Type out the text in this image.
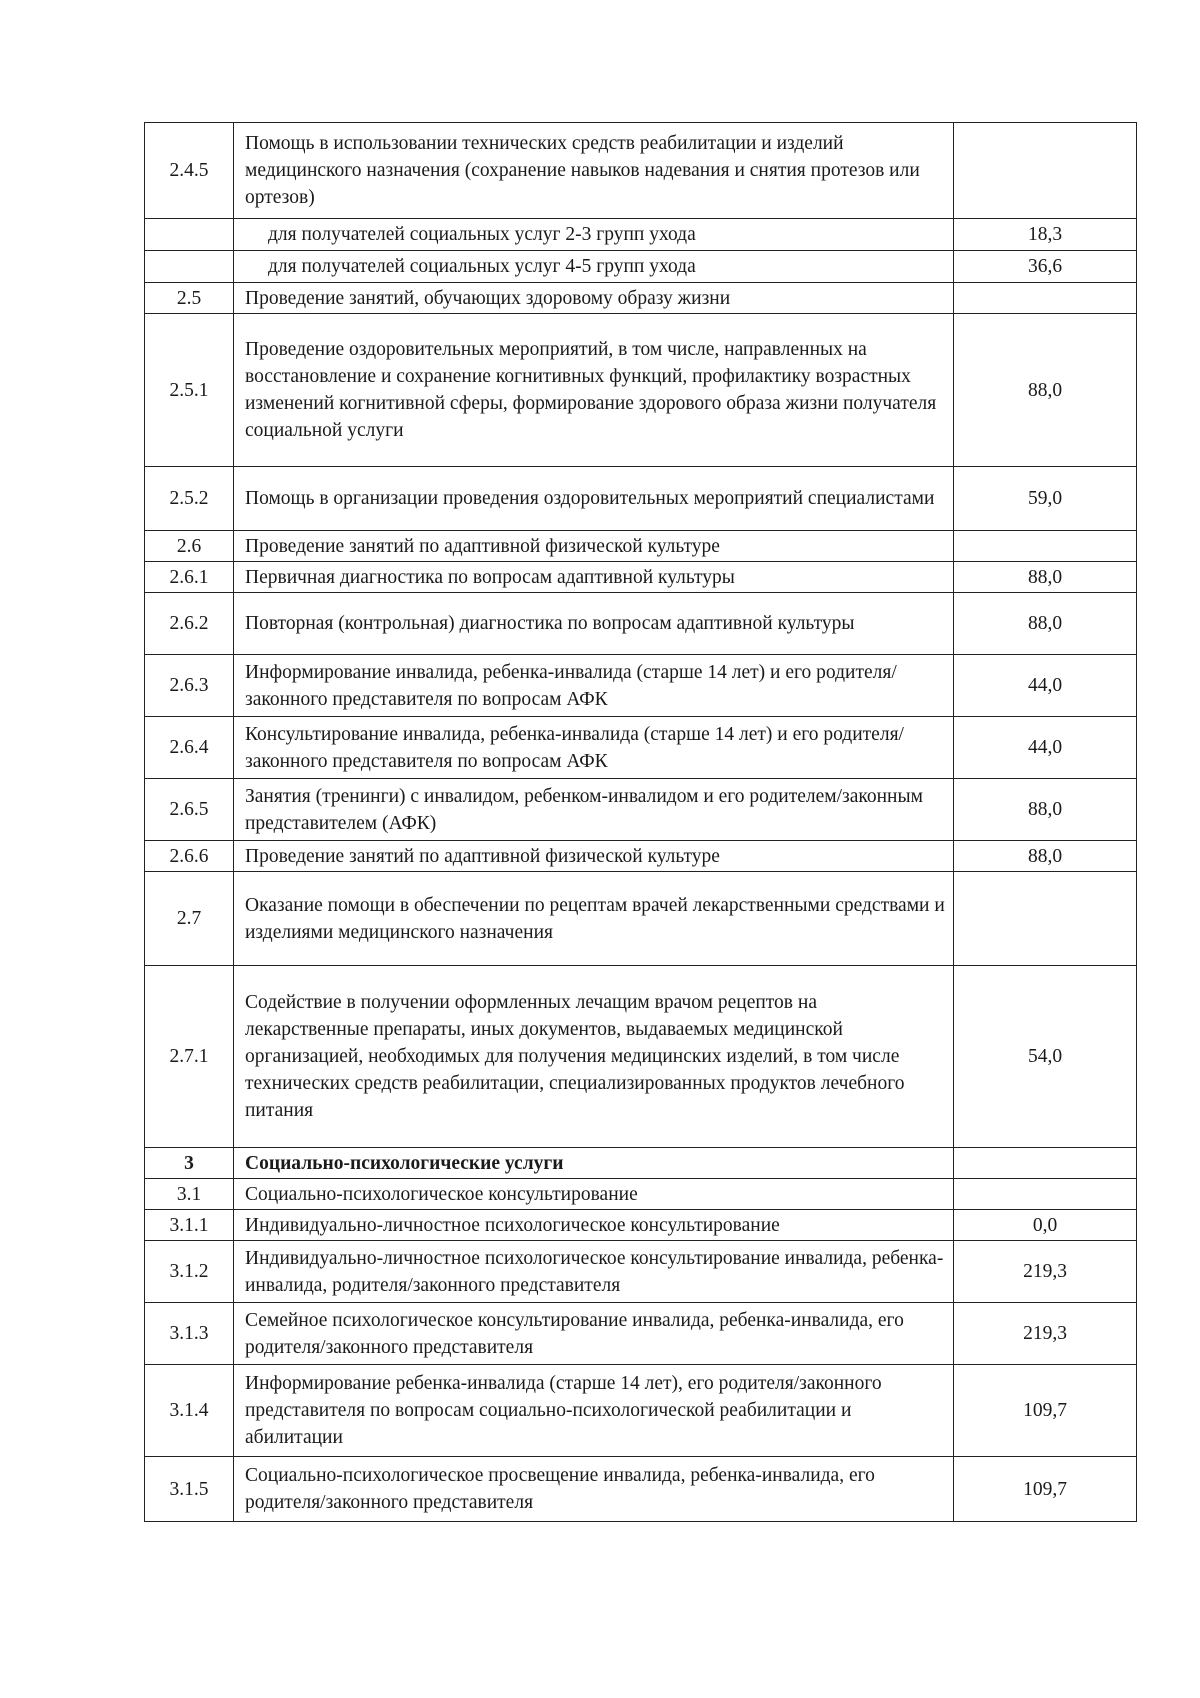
2.4.5	Помощь в использовании технических средств реабилитации и изделий медицинского назначения (сохранение навыков надевания и снятия протезов или ортезов)	
	для получателей социальных услуг 2-3 групп ухода	18,3
	для получателей социальных услуг 4-5 групп ухода	36,6
2.5	Проведение занятий, обучающих здоровому образу жизни	
2.5.1	Проведение оздоровительных мероприятий, в том числе, направленных на восстановление и сохранение когнитивных функций, профилактику возрастных изменений когнитивной сферы, формирование здорового образа жизни получателя социальной услуги	88,0
2.5.2	Помощь в организации проведения оздоровительных мероприятий специалистами	59,0
2.6	Проведение занятий по адаптивной физической культуре	
2.6.1	Первичная диагностика по вопросам адаптивной культуры	88,0
2.6.2	Повторная (контрольная) диагностика по вопросам адаптивной культуры	88,0
2.6.3	Информирование инвалида, ребенка-инвалида (старше 14 лет) и его родителя/законного представителя по вопросам АФК	44,0
2.6.4	Консультирование инвалида, ребенка-инвалида (старше 14 лет) и его родителя/законного представителя по вопросам АФК	44,0
2.6.5	Занятия (тренинги) с инвалидом, ребенком-инвалидом и его родителем/законным представителем (АФК)	88,0
2.6.6	Проведение занятий по адаптивной физической культуре	88,0
2.7	Оказание помощи в обеспечении по рецептам врачей лекарственными средствами и изделиями медицинского назначения	
2.7.1	Содействие в получении оформленных лечащим врачом рецептов на лекарственные препараты, иных документов, выдаваемых медицинской организацией, необходимых для получения медицинских изделий, в том числе технических средств реабилитации, специализированных продуктов лечебного питания	54,0
3	Социально-психологические услуги	
3.1	Социально-психологическое консультирование	
3.1.1	Индивидуально-личностное психологическое консультирование	0,0
3.1.2	Индивидуально-личностное психологическое консультирование инвалида, ребенка-инвалида, родителя/законного представителя	219,3
3.1.3	Семейное психологическое консультирование инвалида, ребенка-инвалида, его родителя/законного представителя	219,3
3.1.4	Информирование ребенка-инвалида (старше 14 лет), его родителя/законного представителя по вопросам социально-психологической реабилитации и абилитации	109,7
3.1.5	Социально-психологическое просвещение инвалида, ребенка-инвалида, его родителя/законного представителя	109,7
